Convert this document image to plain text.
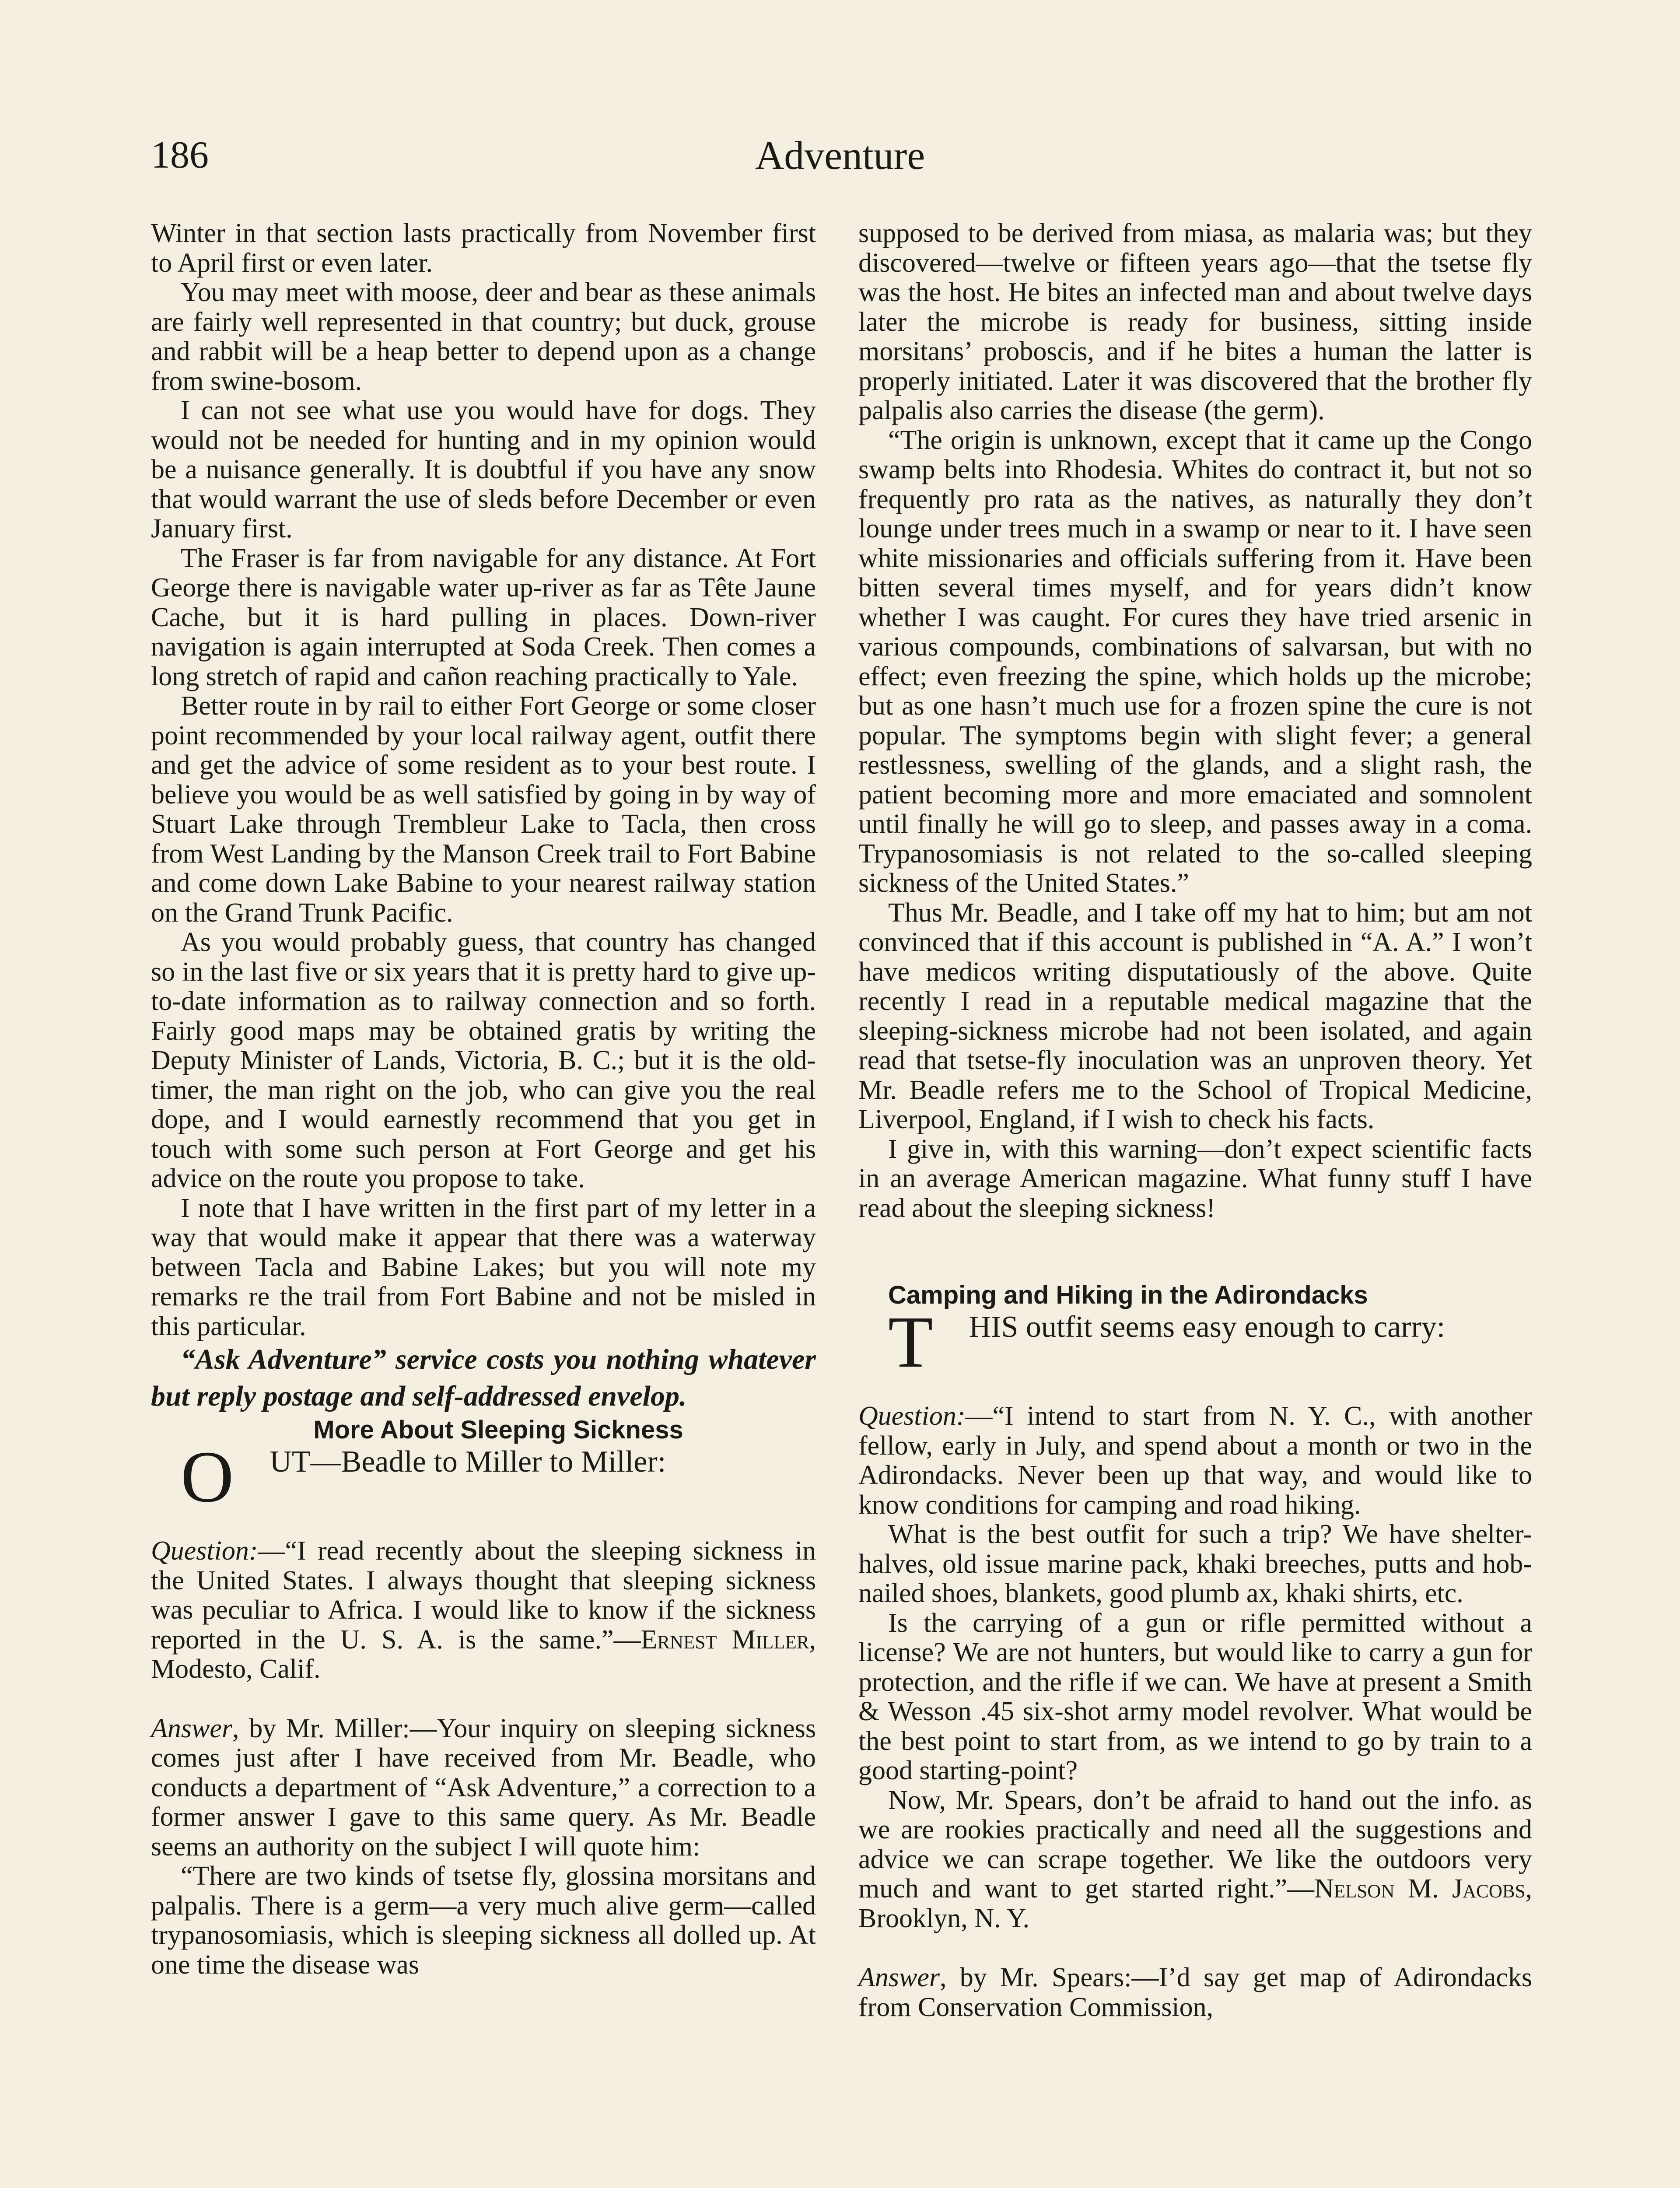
186	Adventure

Winter in that section lasts practically from November first to April first or even later.

You may meet with moose, deer and bear as these animals are fairly well represented in that country; but duck, grouse and rabbit will be a heap better to depend upon as a change from swine-bosom.

I can not see what use you would have for dogs. They would not be needed for hunting and in my opinion would be a nuisance generally. It is doubtful if you have any snow that would warrant the use of sleds before December or even January first.

The Fraser is far from navigable for any distance. At Fort George there is navigable water up-river as far as Tête Jaune Cache, but it is hard pulling in places. Down-river navigation is again interrupted at Soda Creek. Then comes a long stretch of rapid and cañon reaching practically to Yale.

Better route in by rail to either Fort George or some closer point recommended by your local railway agent, outfit there and get the advice of some resident as to your best route. I believe you would be as well satisfied by going in by way of Stuart Lake through Trembleur Lake to Tacla, then cross from West Landing by the Manson Creek trail to Fort Babine and come down Lake Babine to your nearest railway station on the Grand Trunk Pacific.

As you would probably guess, that country has changed so in the last five or six years that it is pretty hard to give up-to-date information as to railway connection and so forth. Fairly good maps may be obtained gratis by writing the Deputy Minister of Lands, Victoria, B. C.; but it is the old-timer, the man right on the job, who can give you the real dope, and I would earnestly recommend that you get in touch with some such person at Fort George and get his advice on the route you propose to take.

I note that I have written in the first part of my letter in a way that would make it appear that there was a waterway between Tacla and Babine Lakes; but you will note my remarks re the trail from Fort Babine and not be misled in this particular.

“Ask Adventure” service costs you nothing whatever but reply postage and self-addressed envelop.

More About Sleeping Sickness

O UT—Beadle to Miller to Miller:

Question:—“I read recently about the sleeping sickness in the United States. I always thought that sleeping sickness was peculiar to Africa. I would like to know if the sickness reported in the U. S. A. is the same.”—Ernest Miller, Modesto, Calif.

Answer, by Mr. Miller:—Your inquiry on sleeping sickness comes just after I have received from Mr. Beadle, who conducts a department of “Ask Adventure,” a correction to a former answer I gave to this same query. As Mr. Beadle seems an authority on the subject I will quote him:

“There are two kinds of tsetse fly, glossina morsitans and palpalis. There is a germ—a very much alive germ—called trypanosomiasis, which is sleeping sickness all dolled up. At one time the disease was

supposed to be derived from miasa, as malaria was; but they discovered—twelve or fifteen years ago—that the tsetse fly was the host. He bites an infected man and about twelve days later the microbe is ready for business, sitting inside morsitans’ proboscis, and if he bites a human the latter is properly initiated. Later it was discovered that the brother fly palpalis also carries the disease (the germ).

“The origin is unknown, except that it came up the Congo swamp belts into Rhodesia. Whites do contract it, but not so frequently pro rata as the natives, as naturally they don’t lounge under trees much in a swamp or near to it. I have seen white missionaries and officials suffering from it. Have been bitten several times myself, and for years didn’t know whether I was caught. For cures they have tried arsenic in various compounds, combinations of salvarsan, but with no effect; even freezing the spine, which holds up the microbe; but as one hasn’t much use for a frozen spine the cure is not popular. The symptoms begin with slight fever; a general restlessness, swelling of the glands, and a slight rash, the patient becoming more and more emaciated and somnolent until finally he will go to sleep, and passes away in a coma. Trypanosomiasis is not related to the so-called sleeping sickness of the United States.”

Thus Mr. Beadle, and I take off my hat to him; but am not convinced that if this account is published in “A. A.” I won’t have medicos writing disputatiously of the above. Quite recently I read in a reputable medical magazine that the sleeping-sickness microbe had not been isolated, and again read that tsetse-fly inoculation was an unproven theory. Yet Mr. Beadle refers me to the School of Tropical Medicine, Liverpool, England, if I wish to check his facts.

I give in, with this warning—don’t expect scientific facts in an average American magazine. What funny stuff I have read about the sleeping sickness!

Camping and Hiking in the Adirondacks

T HIS outfit seems easy enough to carry:

Question:—“I intend to start from N. Y. C., with another fellow, early in July, and spend about a month or two in the Adirondacks. Never been up that way, and would like to know conditions for camping and road hiking.

What is the best outfit for such a trip? We have shelter-halves, old issue marine pack, khaki breeches, putts and hob-nailed shoes, blankets, good plumb ax, khaki shirts, etc.

Is the carrying of a gun or rifle permitted without a license? We are not hunters, but would like to carry a gun for protection, and the rifle if we can. We have at present a Smith & Wesson .45 six-shot army model revolver. What would be the best point to start from, as we intend to go by train to a good starting-point?

Now, Mr. Spears, don’t be afraid to hand out the info. as we are rookies practically and need all the suggestions and advice we can scrape together. We like the outdoors very much and want to get started right.”—Nelson M. Jacobs, Brooklyn, N. Y.

Answer, by Mr. Spears:—I’d say get map of Adirondacks from Conservation Commission,
